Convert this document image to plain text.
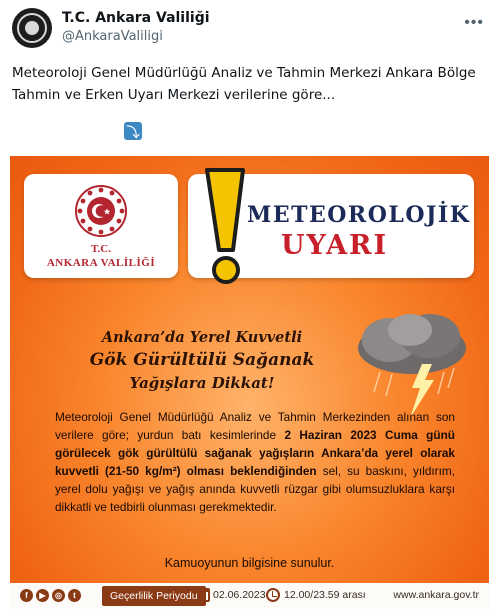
T.C. Ankara Valiliği
@AnkaraValiligi
•••
Meteoroloji Genel Müdürlüğü Analiz ve Tahmin Merkezi Ankara Bölge Tahmin ve Erken Uyarı Merkezi verilerine göre...
⤵
T.C.
ANKARA VALİLİĞİ
METEOROLOJİK
UYARI
Ankara’da Yerel Kuvvetli
Gök Gürültülü Sağanak
Yağışlara Dikkat!
Meteoroloji Genel Müdürlüğü Analiz ve Tahmin Merkezinden alınan son verilere göre; yurdun batı kesimlerinde 2 Haziran 2023 Cuma günü görülecek gök gürültülü sağanak yağışların Ankara’da yerel olarak kuvvetli (21-50 kg/m²) olması beklendiğinden sel, su baskını, yıldırım, yerel dolu yağışı ve yağış anında kuvvetli rüzgar gibi olumsuzluklara karşı dikkatli ve tedbirli olunması gerekmektedir.
Kamuoyunun bilgisine sunulur.
f	▶	◎	t	Geçerlilik Periyodu	02.06.2023 12.00/23.59 arası	www.ankara.gov.tr
